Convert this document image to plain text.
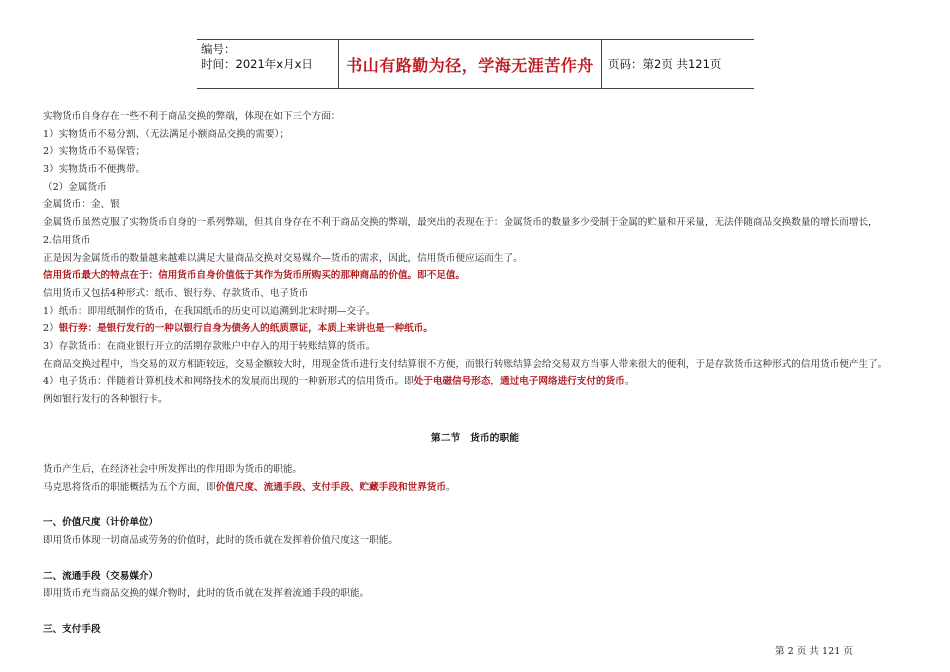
编号：
时间：2021年x月x日	书山有路勤为径，学海无涯苦作舟	页码：第2页 共121页
实物货币自身存在一些不利于商品交换的弊端，体现在如下三个方面：
1）实物货币不易分割、（无法满足小额商品交换的需要）；
2）实物货币不易保管；
3）实物货币不便携带。
（2）金属货币
金属货币：金、银
金属货币虽然克服了实物货币自身的一系列弊端，但其自身存在不利于商品交换的弊端，最突出的表现在于：金属货币的数量多少受制于金属的贮量和开采量，无法伴随商品交换数量的增长而增长，
2.信用货币
正是因为金属货币的数量越来越难以满足大量商品交换对交易媒介—货币的需求，因此，信用货币便应运而生了。
信用货币最大的特点在于：信用货币自身价值低于其作为货币所购买的那种商品的价值。即不足值。
信用货币又包括4种形式：纸币、银行券、存款货币、电子货币
1）纸币：即用纸制作的货币，在我国纸币的历史可以追溯到北宋时期—交子。
2）银行券：是银行发行的一种以银行自身为债务人的纸质票证，本质上来讲也是一种纸币。
3）存款货币：在商业银行开立的活期存款账户中存入的用于转账结算的货币。
在商品交换过程中，当交易的双方相距较远，交易金额较大时，用现金货币进行支付结算很不方便，而银行转账结算会给交易双方当事人带来很大的便利，于是存款货币这种形式的信用货币便产生了。
4）电子货币：伴随着计算机技术和网络技术的发展而出现的一种新形式的信用货币。即处于电磁信号形态，通过电子网络进行支付的货币。
例如银行发行的各种银行卡。
第二节　货币的职能
货币产生后，在经济社会中所发挥出的作用即为货币的职能。
马克思将货币的职能概括为五个方面，即价值尺度、流通手段、支付手段、贮藏手段和世界货币。
一、价值尺度（计价单位）
即用货币体现一切商品或劳务的价值时，此时的货币就在发挥着价值尺度这一职能。
二、流通手段（交易媒介）
即用货币充当商品交换的媒介物时，此时的货币就在发挥着流通手段的职能。
三、支付手段
第 2 页 共 121 页
